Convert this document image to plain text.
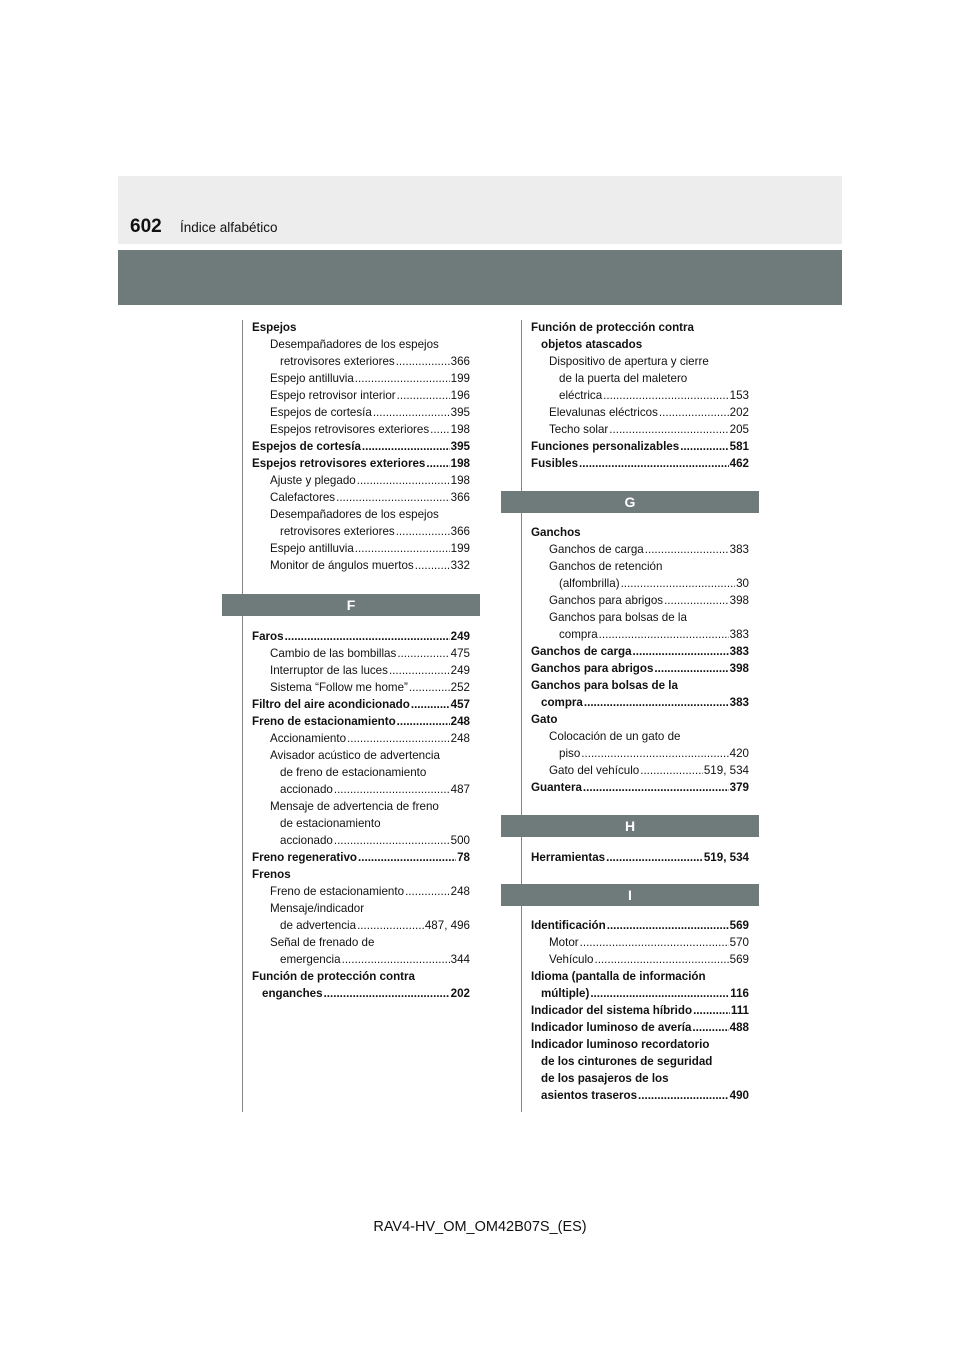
602 Índice alfabético
Espejos
Desempañadores de los espejos
retrovisores exteriores .....	366
Espejo antilluvia .....	199
Espejo retrovisor interior .....	196
Espejos de cortesía .....	395
Espejos retrovisores exteriores ..... 198
Espejos de cortesía .....	395
Espejos retrovisores exteriores ..... 198
Ajuste y plegado .....	198
Calefactores .....	366
Desempañadores de los espejos
retrovisores exteriores .....	366
Espejo antilluvia .....	199
Monitor de ángulos muertos .....	332
F
Faros .....	249
Cambio de las bombillas .....	475
Interruptor de las luces .....	249
Sistema “Follow me home” .....	252
Filtro del aire acondicionado .....	457
Freno de estacionamiento .....	248
Accionamiento .....	248
Avisador acústico de advertencia
de freno de estacionamiento
accionado .....	487
Mensaje de advertencia de freno
de estacionamiento
accionado .....	500
Freno regenerativo .....	78
Frenos
Freno de estacionamiento .....	248
Mensaje/indicador
de advertencia .....	487, 496
Señal de frenado de
emergencia .....	344
Función de protección contra
enganches .....	202
Función de protección contra
objetos atascados
Dispositivo de apertura y cierre
de la puerta del maletero
eléctrica .....	153
Elevalunas eléctricos .....	202
Techo solar .....	205
Funciones personalizables .....	581
Fusibles .....	462
G
Ganchos
Ganchos de carga .....	383
Ganchos de retención
(alfombrilla) .....	30
Ganchos para abrigos .....	398
Ganchos para bolsas de la
compra .....	383
Ganchos de carga .....	383
Ganchos para abrigos .....	398
Ganchos para bolsas de la
compra .....	383
Gato
Colocación de un gato de
piso .....	420
Gato del vehículo .....	519, 534
Guantera .....	379
H
Herramientas .....	519, 534
I
Identificación .....	569
Motor .....	570
Vehículo .....	569
Idioma (pantalla de información
múltiple) .....	116
Indicador del sistema híbrido .....	111
Indicador luminoso de avería .....	488
Indicador luminoso recordatorio
de los cinturones de seguridad
de los pasajeros de los
asientos traseros .....	490
RAV4-HV_OM_OM42B07S_(ES)
